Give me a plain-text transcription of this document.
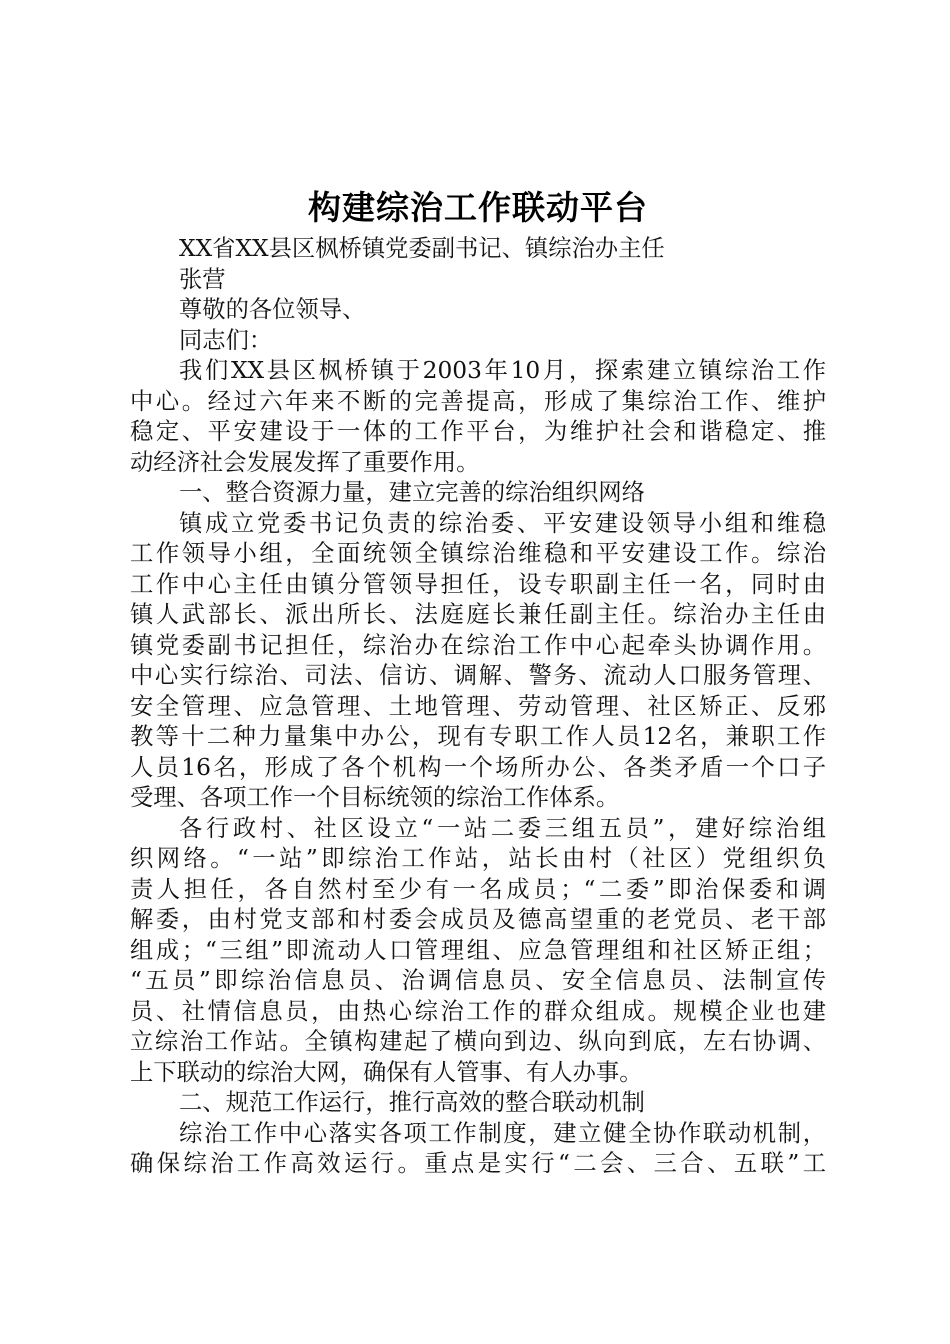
构建综治工作联动平台

XX省XX县区枫桥镇党委副书记、镇综治办主任

张营

尊敬的各位领导、

同志们：

我们XX县区枫桥镇于2003年10月，探索建立镇综治工作

中心。经过六年来不断的完善提高，形成了集综治工作、维护

稳定、平安建设于一体的工作平台，为维护社会和谐稳定、推

动经济社会发展发挥了重要作用。

一、整合资源力量，建立完善的综治组织网络

镇成立党委书记负责的综治委、平安建设领导小组和维稳

工作领导小组，全面统领全镇综治维稳和平安建设工作。综治

工作中心主任由镇分管领导担任，设专职副主任一名，同时由

镇人武部长、派出所长、法庭庭长兼任副主任。综治办主任由

镇党委副书记担任，综治办在综治工作中心起牵头协调作用。

中心实行综治、司法、信访、调解、警务、流动人口服务管理、

安全管理、应急管理、土地管理、劳动管理、社区矫正、反邪

教等十二种力量集中办公，现有专职工作人员12名，兼职工作

人员16名，形成了各个机构一个场所办公、各类矛盾一个口子

受理、各项工作一个目标统领的综治工作体系。

各行政村、社区设立“一站二委三组五员”，建好综治组

织网络。“一站”即综治工作站，站长由村（社区）党组织负

责人担任，各自然村至少有一名成员；“二委”即治保委和调

解委，由村党支部和村委会成员及德高望重的老党员、老干部

组成；“三组”即流动人口管理组、应急管理组和社区矫正组；

“五员”即综治信息员、治调信息员、安全信息员、法制宣传

员、社情信息员，由热心综治工作的群众组成。规模企业也建

立综治工作站。全镇构建起了横向到边、纵向到底，左右协调、

上下联动的综治大网，确保有人管事、有人办事。

二、规范工作运行，推行高效的整合联动机制

综治工作中心落实各项工作制度，建立健全协作联动机制，

确保综治工作高效运行。重点是实行“二会、三合、五联”工
